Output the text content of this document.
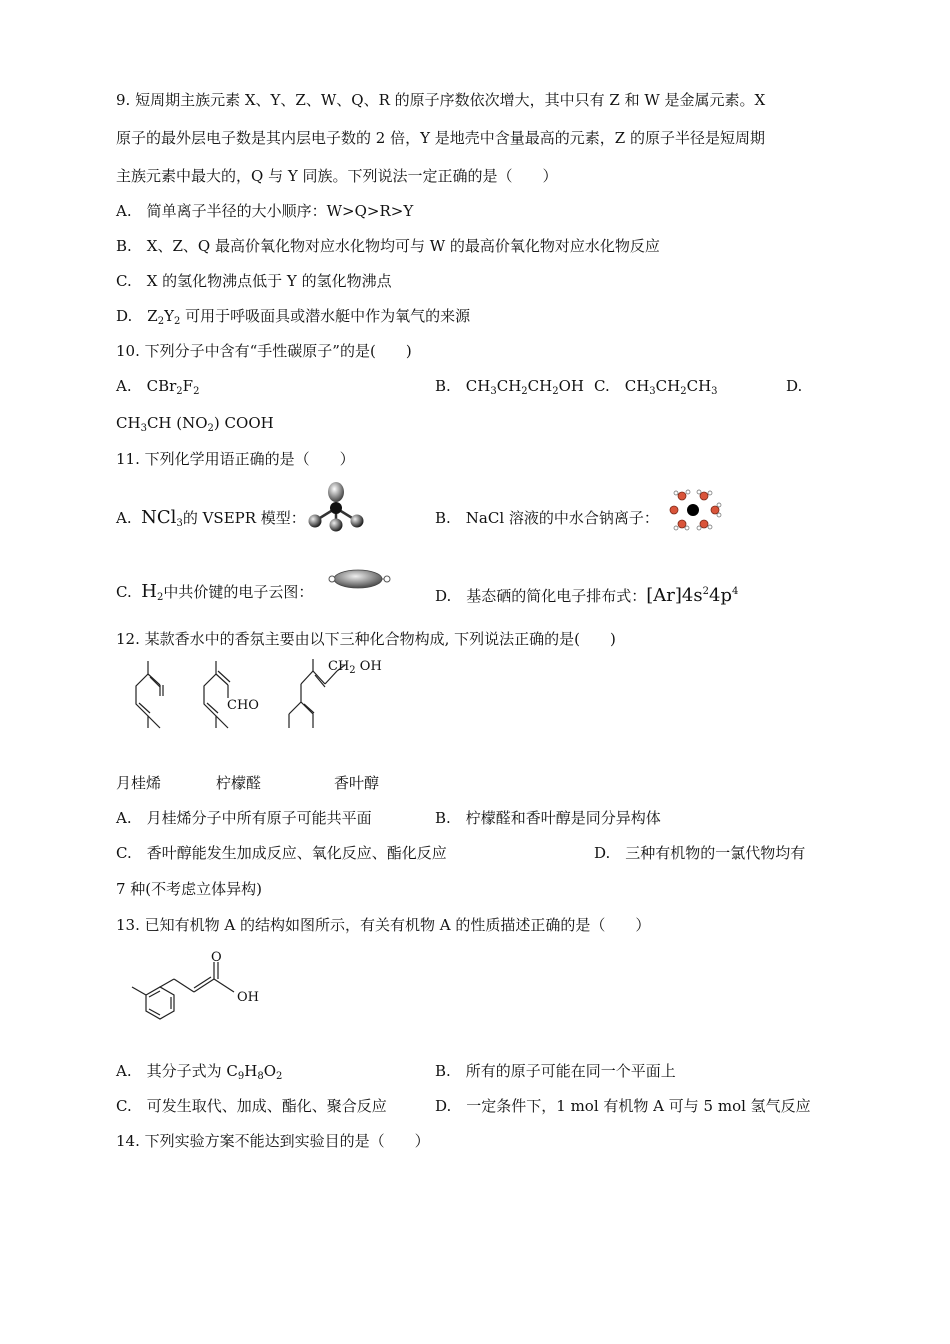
9. 短周期主族元素 X、Y、Z、W、Q、R 的原子序数依次增大，其中只有 Z 和 W 是金属元素。X
原子的最外层电子数是其内层电子数的 2 倍，Y 是地壳中含量最高的元素，Z 的原子半径是短周期
主族元素中最大的，Q 与 Y 同族。下列说法一定正确的是（　　）
A.　简单离子半径的大小顺序：W>Q>R>Y
B.　X、Z、Q 最高价氧化物对应水化物均可与 W 的最高价氧化物对应水化物反应
C.　X 的氢化物沸点低于 Y 的氢化物沸点
D.　$Z_2Y_2$ 可用于呼吸面具或潜水艇中作为氧气的来源
10. 下列分子中含有“手性碳原子”的是(　　)
A.　$CBr_2F_2$	B.　$CH_3CH_2CH_2OH$ C.　$CH_3CH_2CH_3$	D.
$CH_3CH$ $(NO_2)$ COOH
11. 下列化学用语正确的是（　　）
A. NCl$_3$的 VSEPR 模型：	B.　NaCl 溶液的中水合钠离子：
C. $H_2$中共价键的电子云图：	D.　基态硒的简化电子排布式：$[Ar]4s^24p^4$
12. 某款香水中的香氛主要由以下三种化合物构成, 下列说法正确的是(　　)
CHO
$CH_2$ OH
月桂烯	柠檬醛	香叶醇
A.　月桂烯分子中所有原子可能共平面	B.　柠檬醛和香叶醇是同分异构体
C.　香叶醇能发生加成反应、氧化反应、酯化反应	D.　三种有机物的一氯代物均有
7 种(不考虑立体异构)
13. 已知有机物 A 的结构如图所示，有关有机物 A 的性质描述正确的是（　　）
O
OH
A.　其分子式为 $C_9H_8O_2$	B.　所有的原子可能在同一个平面上
C.　可发生取代、加成、酯化、聚合反应	D.　一定条件下，1 mol 有机物 A 可与 5 mol 氢气反应
14. 下列实验方案不能达到实验目的是（　　）
